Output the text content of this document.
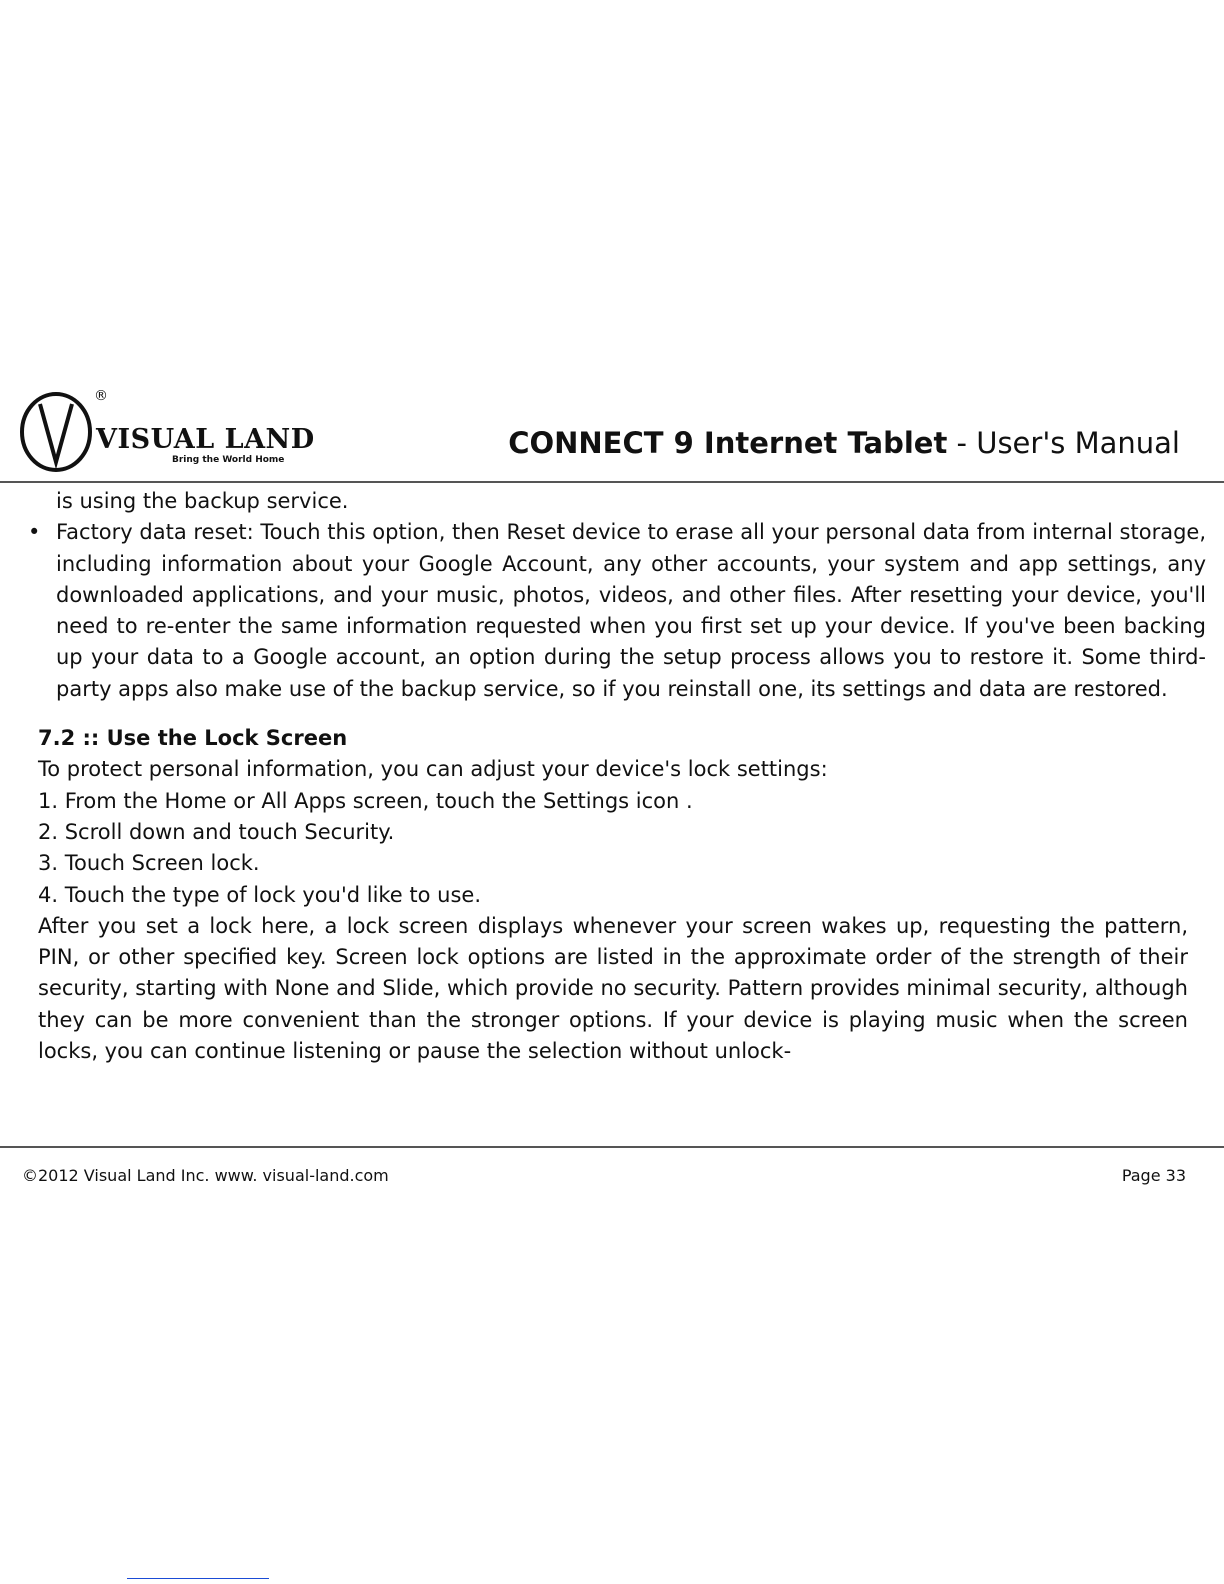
®
VISUAL LAND
Bring the World Home	CONNECT 9 Internet Tablet - User's Manual

is using the backup service.

• Factory data reset: Touch this option, then Reset device to erase all your personal data from internal storage, including information about your Google Account, any other accounts, your system and app settings, any downloaded applications, and your music, photos, videos, and other files. After resetting your device, you'll need to re-enter the same information requested when you first set up your device. If you've been backing up your data to a Google account, an option during the setup process allows you to restore it. Some third-party apps also make use of the backup service, so if you reinstall one, its settings and data are restored.

7.2 :: Use the Lock Screen

To protect personal information, you can adjust your device's lock settings:

1. From the Home or All Apps screen, touch the Settings icon .

2. Scroll down and touch Security.

3. Touch Screen lock.

4. Touch the type of lock you'd like to use.

After you set a lock here, a lock screen displays whenever your screen wakes up, requesting the pattern, PIN, or other specified key. Screen lock options are listed in the approximate order of the strength of their security, starting with None and Slide, which provide no security. Pattern provides minimal security, although they can be more convenient than the stronger options. If your device is playing music when the screen locks, you can continue listening or pause the selection without unlock-

©2012 Visual Land Inc. www. visual-land.com	Page 33
